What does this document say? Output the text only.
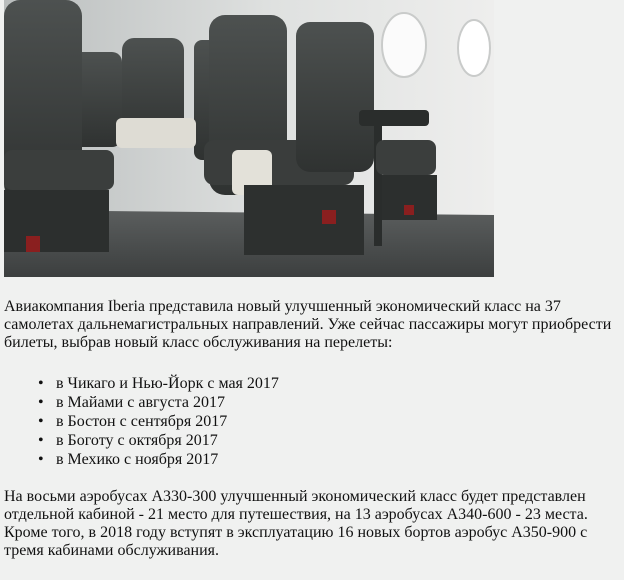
Авиакомпания Iberia представила новый улучшенный экономический класс на 37 самолетах дальнемагистральных направлений. Уже сейчас пассажиры могут приобрести билеты, выбрав новый класс обслуживания на перелеты:

• в Чикаго и Нью-Йорк с мая 2017
• в Майами с августа 2017
• в Бостон с сентября 2017
• в Боготу с октября 2017
• в Мехико с ноября 2017

На восьми аэробусах A330-300 улучшенный экономический класс будет представлен отдельной кабиной - 21 место для путешествия, на 13 аэробусах A340-600 - 23 места. Кроме того, в 2018 году вступят в эксплуатацию 16 новых бортов аэробус A350-900 с тремя кабинами обслуживания.
